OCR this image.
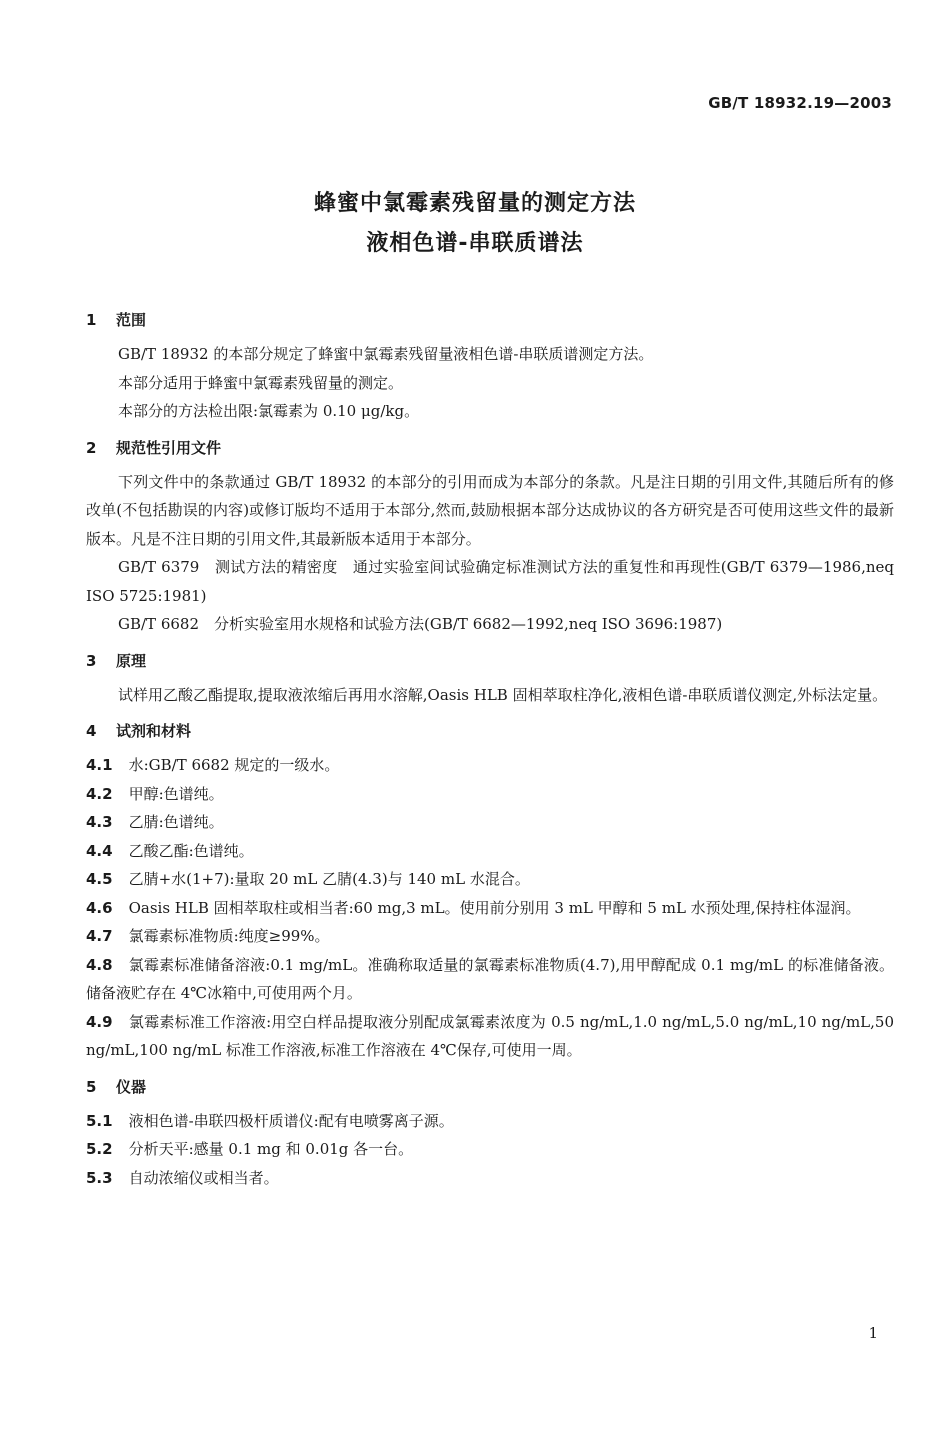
GB/T 18932.19—2003
蜂蜜中氯霉素残留量的测定方法
液相色谱-串联质谱法
1 范围

GB/T 18932 的本部分规定了蜂蜜中氯霉素残留量液相色谱-串联质谱测定方法。

本部分适用于蜂蜜中氯霉素残留量的测定。

本部分的方法检出限:氯霉素为 0.10 μg/kg。

2 规范性引用文件

下列文件中的条款通过 GB/T 18932 的本部分的引用而成为本部分的条款。凡是注日期的引用文件,其随后所有的修改单(不包括勘误的内容)或修订版均不适用于本部分,然而,鼓励根据本部分达成协议的各方研究是否可使用这些文件的最新版本。凡是不注日期的引用文件,其最新版本适用于本部分。

GB/T 6379　测试方法的精密度　通过实验室间试验确定标准测试方法的重复性和再现性(GB/T 6379—1986,neq ISO 5725:1981)

GB/T 6682　分析实验室用水规格和试验方法(GB/T 6682—1992,neq ISO 3696:1987)

3 原理

试样用乙酸乙酯提取,提取液浓缩后再用水溶解,Oasis HLB 固相萃取柱净化,液相色谱-串联质谱仪测定,外标法定量。

4 试剂和材料

4.1 水:GB/T 6682 规定的一级水。

4.2 甲醇:色谱纯。

4.3 乙腈:色谱纯。

4.4 乙酸乙酯:色谱纯。

4.5 乙腈+水(1+7):量取 20 mL 乙腈(4.3)与 140 mL 水混合。

4.6 Oasis HLB 固相萃取柱或相当者:60 mg,3 mL。使用前分别用 3 mL 甲醇和 5 mL 水预处理,保持柱体湿润。

4.7 氯霉素标准物质:纯度≥99%。

4.8 氯霉素标准储备溶液:0.1 mg/mL。准确称取适量的氯霉素标准物质(4.7),用甲醇配成 0.1 mg/mL 的标准储备液。储备液贮存在 4℃冰箱中,可使用两个月。

4.9 氯霉素标准工作溶液:用空白样品提取液分别配成氯霉素浓度为 0.5 ng/mL,1.0 ng/mL,5.0 ng/mL,10 ng/mL,50 ng/mL,100 ng/mL 标准工作溶液,标准工作溶液在 4℃保存,可使用一周。

5 仪器

5.1 液相色谱-串联四极杆质谱仪:配有电喷雾离子源。

5.2 分析天平:感量 0.1 mg 和 0.01g 各一台。

5.3 自动浓缩仪或相当者。

1
